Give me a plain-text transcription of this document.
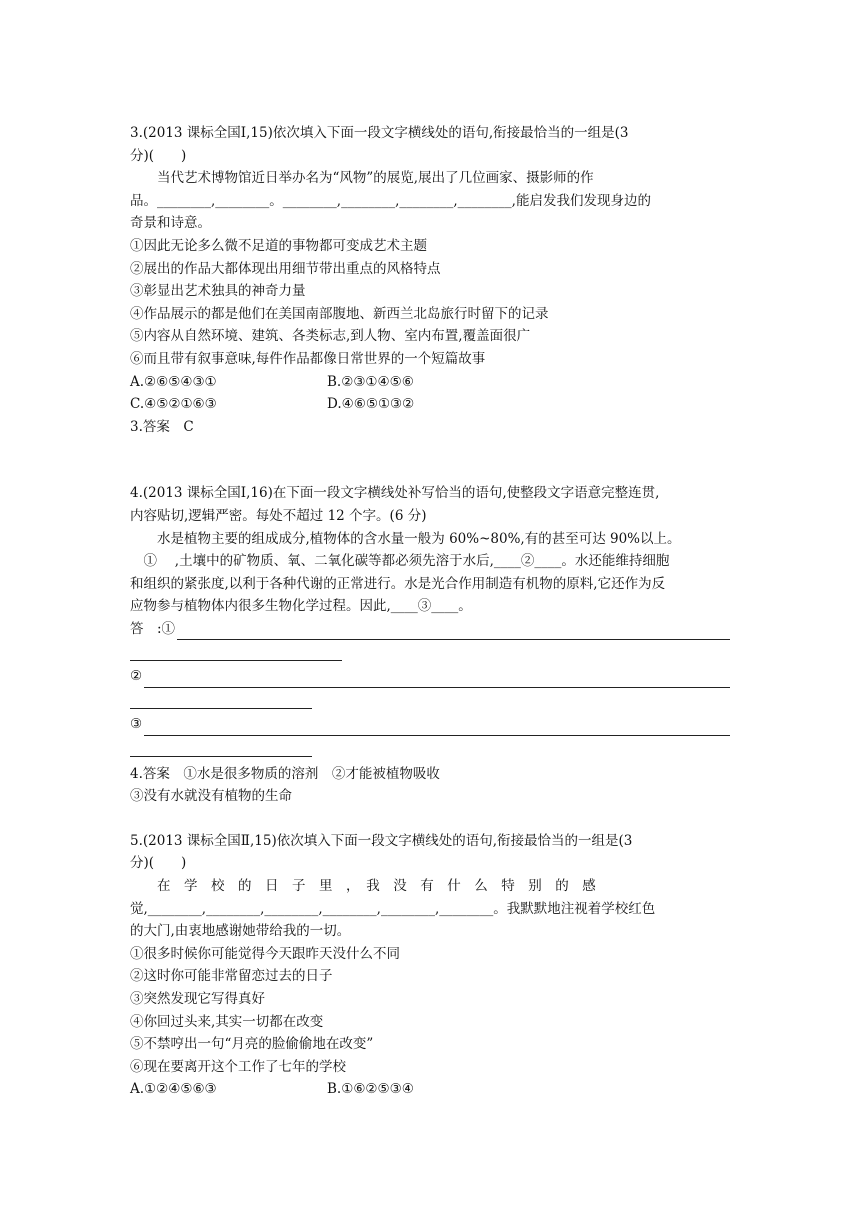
3.(2013 课标全国Ⅰ,15)依次填入下面一段文字横线处的语句,衔接最恰当的一组是(3
分)(　　)
当代艺术博物馆近日举办名为“风物”的展览,展出了几位画家、摄影师的作
品。________,________。________,________,________,________,能启发我们发现身边的
奇景和诗意。
①因此无论多么微不足道的事物都可变成艺术主题
②展出的作品大都体现出用细节带出重点的风格特点
③彰显出艺术独具的神奇力量
④作品展示的都是他们在美国南部腹地、新西兰北岛旅行时留下的记录
⑤内容从自然环境、建筑、各类标志,到人物、室内布置,覆盖面很广
⑥而且带有叙事意味,每件作品都像日常世界的一个短篇故事
A.②⑥⑤④③①	B.②③①④⑤⑥
C.④⑤②①⑥③	D.④⑥⑤①③②
3.答案　C
4.(2013 课标全国Ⅰ,16)在下面一段文字横线处补写恰当的语句,使整段文字语意完整连贯,
内容贴切,逻辑严密。每处不超过 12 个字。(6 分)
水是植物主要的组成成分,植物体的含水量一般为 60%~80%,有的甚至可达 90%以上。
　①　 ,土壤中的矿物质、氧、二氧化碳等都必须先溶于水后,____②____。水还能维持细胞
和组织的紧张度,以利于各种代谢的正常进行。水是光合作用制造有机物的原料,它还作为反
应物参与植物体内很多生物化学过程。因此,____③____。
答　:①
②
③
4.答案　①水是很多物质的溶剂　②才能被植物吸收
③没有水就没有植物的生命
5.(2013 课标全国Ⅱ,15)依次填入下面一段文字横线处的语句,衔接最恰当的一组是(3
分)(　　)
在　学　校　的　日　子　里　，　我　没　有　什　么　特　别　的　感
觉,________,________,________,________,________,________。我默默地注视着学校红色
的大门,由衷地感谢她带给我的一切。
①很多时候你可能觉得今天跟昨天没什么不同
②这时你可能非常留恋过去的日子
③突然发现它写得真好
④你回过头来,其实一切都在改变
⑤不禁哼出一句“月亮的脸偷偷地在改变”
⑥现在要离开这个工作了七年的学校
A.①②④⑤⑥③	B.①⑥②⑤③④
